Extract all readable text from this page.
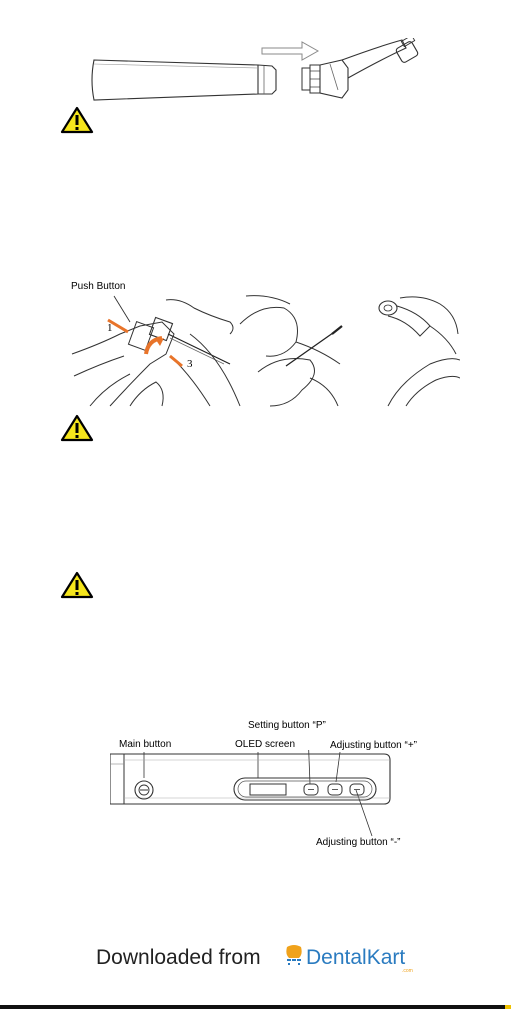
Push Button
1
3
Setting button “P”
Main button	OLED screen	Adjusting button “+”
Adjusting button “-”
Downloaded from DentalKart
.com
